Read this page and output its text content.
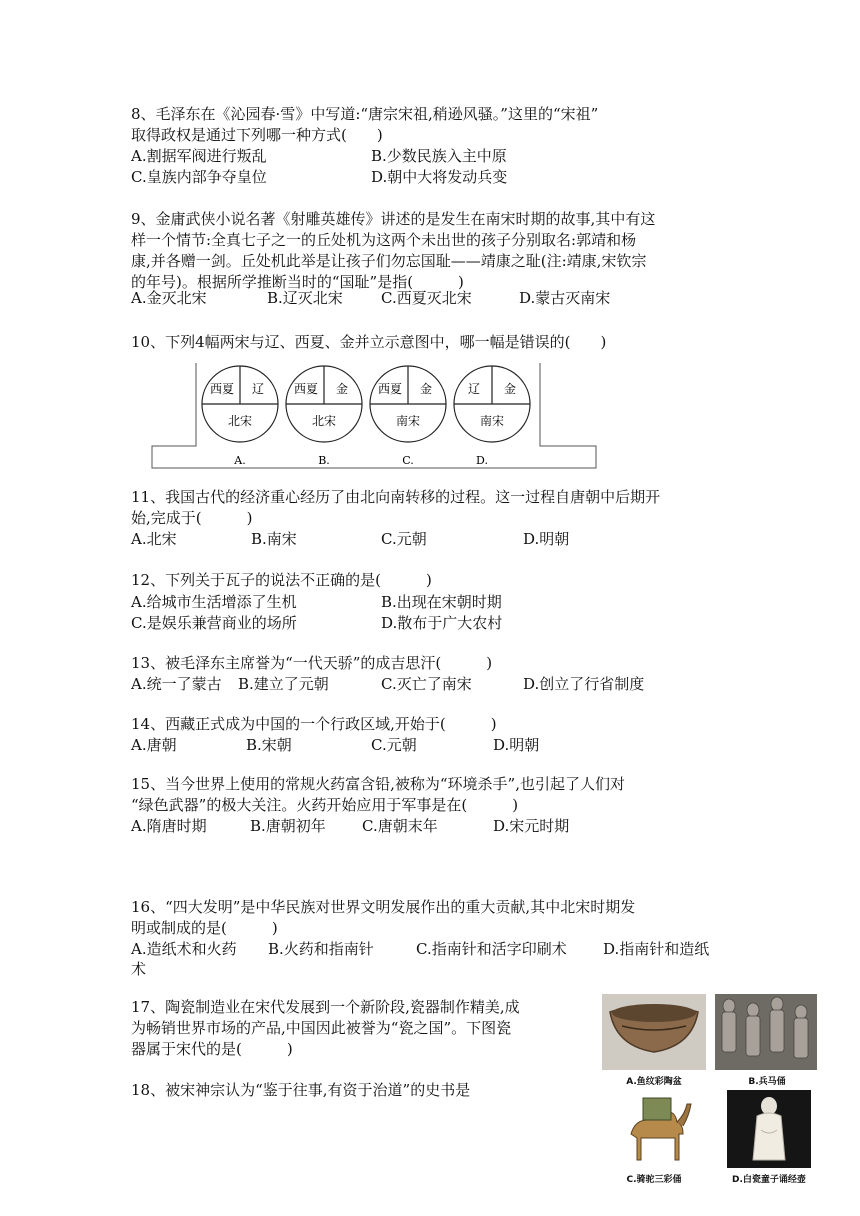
8、毛泽东在《沁园春·雪》中写道:“唐宗宋祖,稍逊风骚。”这里的“宋祖”
取得政权是通过下列哪一种方式(　　)
A.割据军阀进行叛乱	B.少数民族入主中原
C.皇族内部争夺皇位	D.朝中大将发动兵变
9、金庸武侠小说名著《射雕英雄传》讲述的是发生在南宋时期的故事,其中有这
样一个情节:全真七子之一的丘处机为这两个未出世的孩子分别取名:郭靖和杨
康,并各赠一剑。丘处机此举是让孩子们勿忘国耻——靖康之耻(注:靖康,宋钦宗
的年号)。根据所学推断当时的“国耻”是指(　　　)
A.金灭北宋	B.辽灭北宋	C.西夏灭北宋	D.蒙古灭南宋
10、下列4幅两宋与辽、西夏、金并立示意图中，哪一幅是错误的(　　)
西夏 辽
北宋
A.
西夏 金
北宋
B.
西夏 金
南宋
C.
辽 金
南宋
D.
11、我国古代的经济重心经历了由北向南转移的过程。这一过程自唐朝中后期开
始,完成于(　　　)
A.北宋	B.南宋	C.元朝	D.明朝
12、下列关于瓦子的说法不正确的是(　　　)
A.给城市生活增添了生机	B.出现在宋朝时期
C.是娱乐兼营商业的场所	D.散布于广大农村
13、被毛泽东主席誉为“一代天骄”的成吉思汗(　　　)
A.统一了蒙古 B.建立了元朝	C.灭亡了南宋	D.创立了行省制度
14、西藏正式成为中国的一个行政区域,开始于(　　　)
A.唐朝	B.宋朝	C.元朝	D.明朝
15、当今世界上使用的常规火药富含铅,被称为“环境杀手”,也引起了人们对
“绿色武器”的极大关注。火药开始应用于军事是在(　　　)
A.隋唐时期	B.唐朝初年 C.唐朝末年	D.宋元时期
16、“四大发明”是中华民族对世界文明发展作出的重大贡献,其中北宋时期发
明或制成的是(　　　)
A.造纸术和火药 B.火药和指南针	C.指南针和活字印刷术 D.指南针和造纸
术
17、陶瓷制造业在宋代发展到一个新阶段,瓷器制作精美,成
为畅销世界市场的产品,中国因此被誉为“瓷之国”。下图瓷
器属于宋代的是(　　　)
18、被宋神宗认为“鉴于往事,有资于治道”的史书是	A.鱼纹彩陶盆	B.兵马俑
C.骑驼三彩俑	D.白瓷童子诵经壶
